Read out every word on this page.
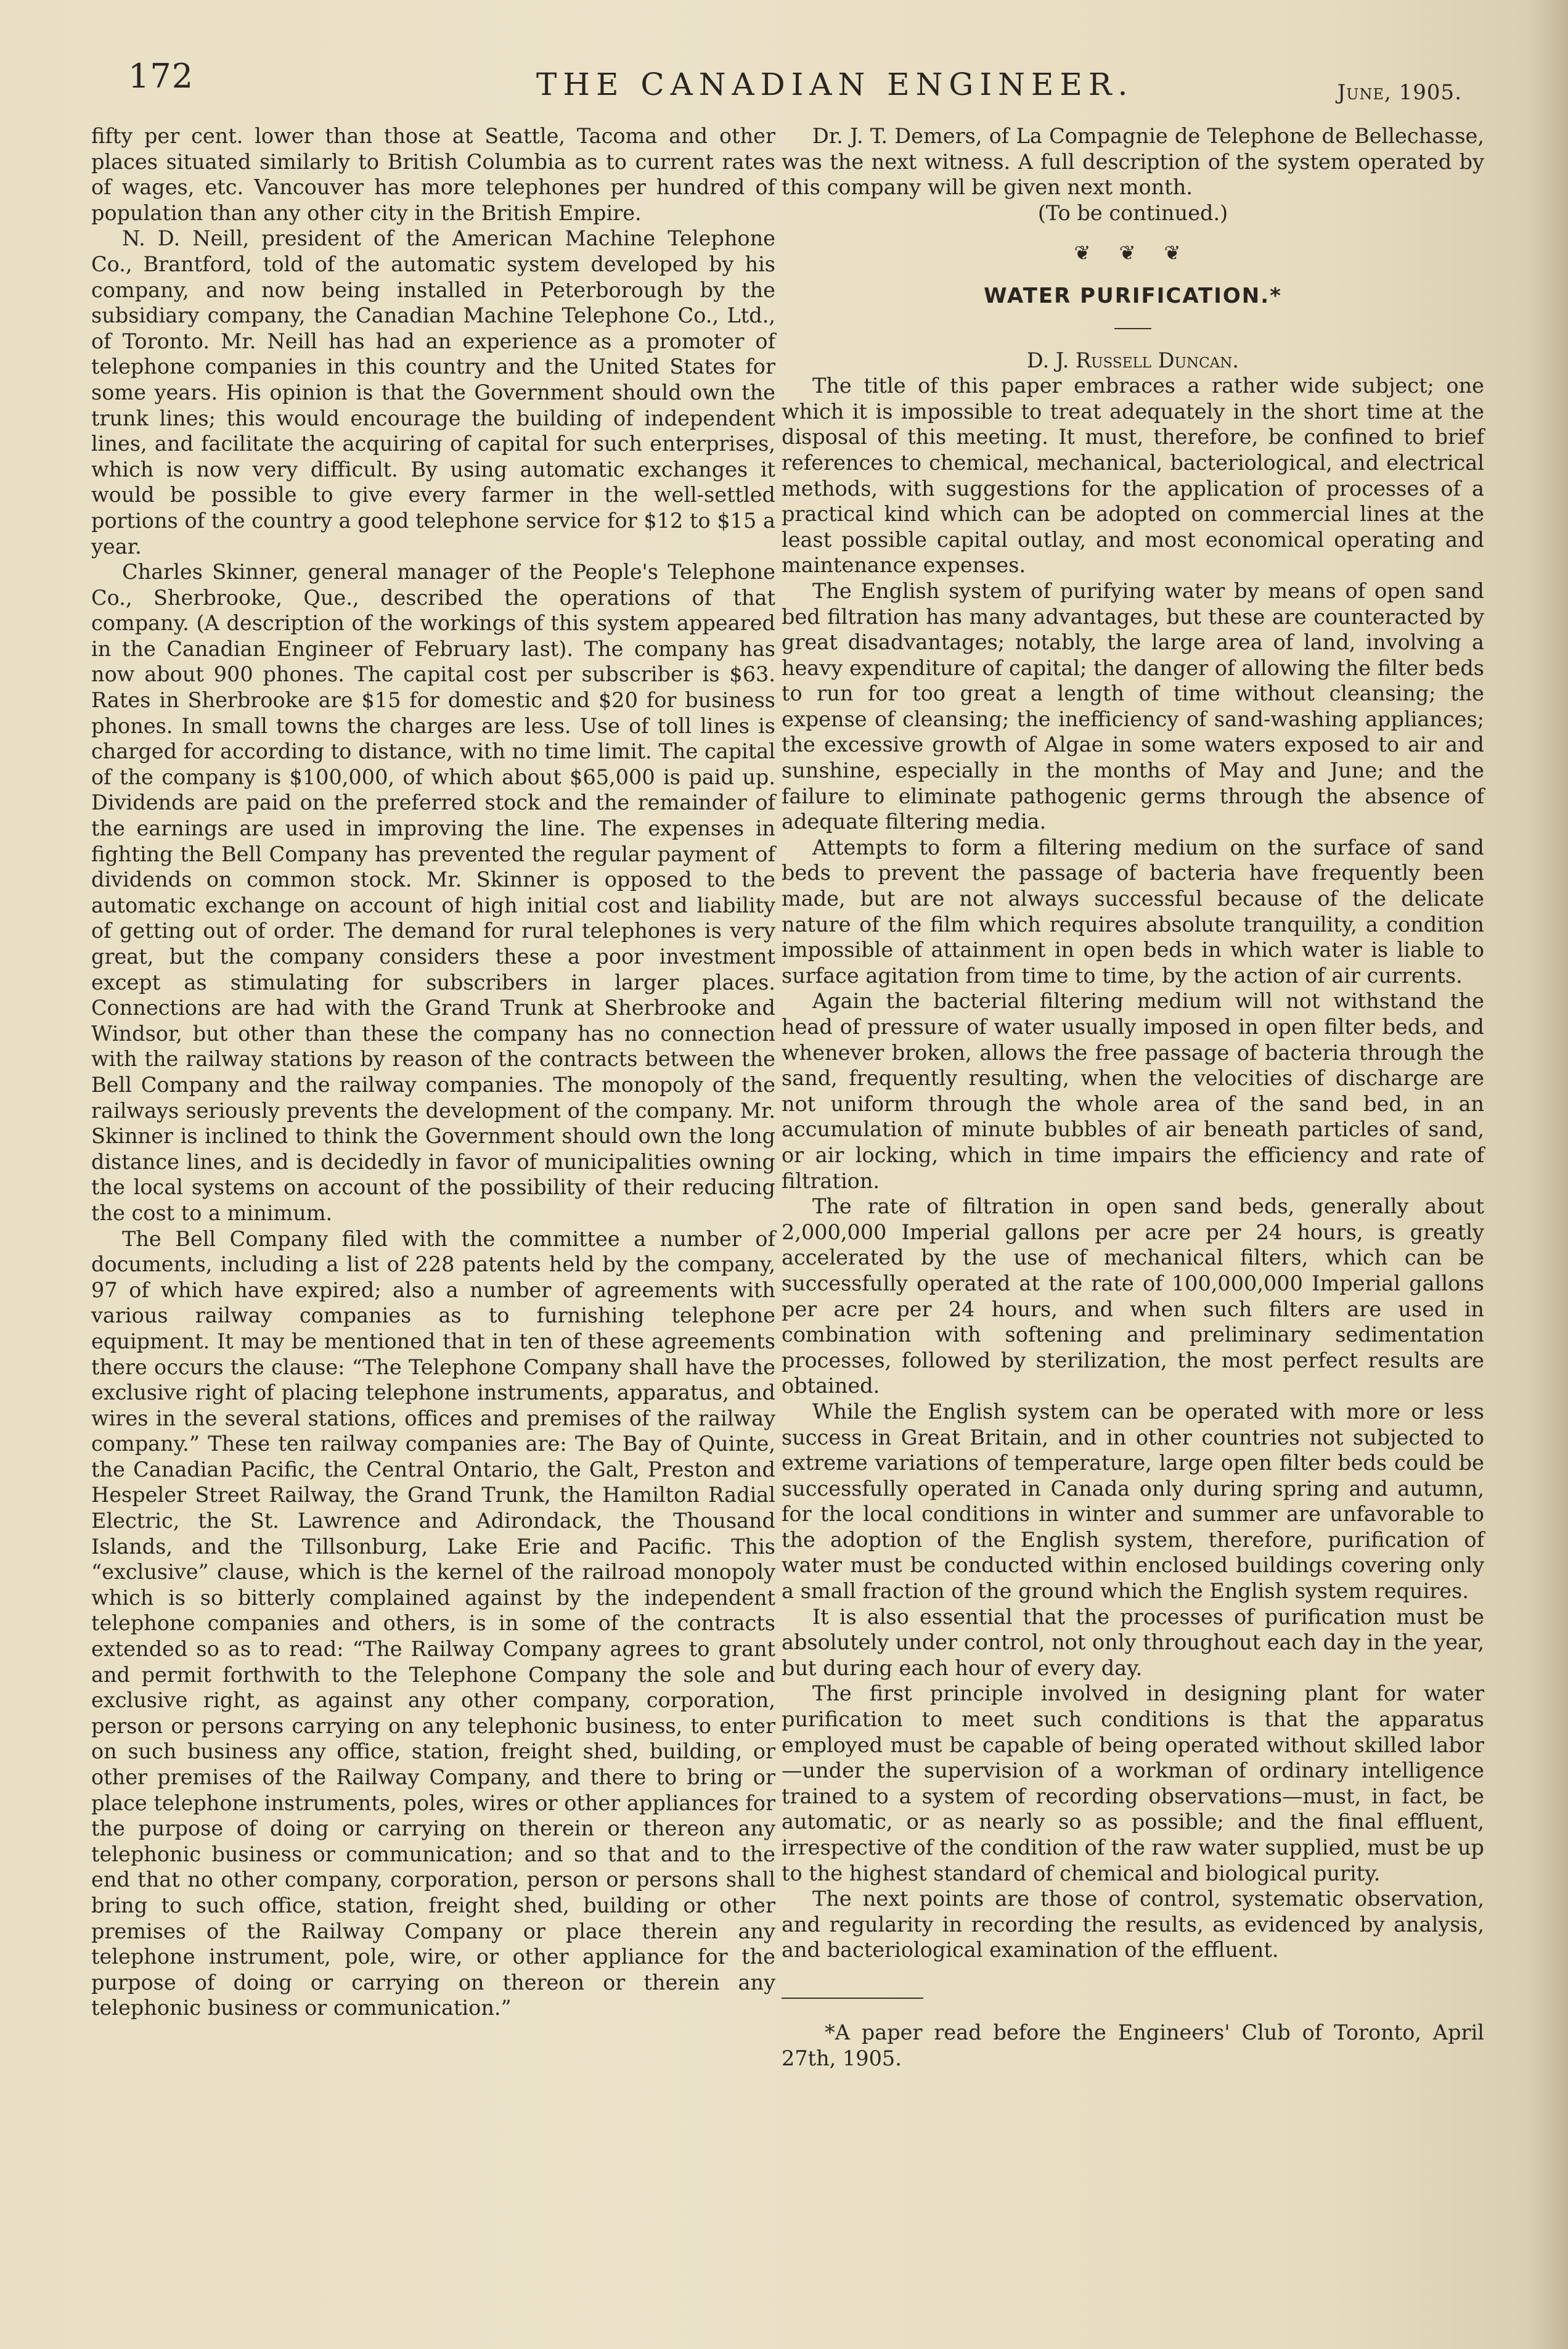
172	THE CANADIAN ENGINEER.	June, 1905.

fifty per cent. lower than those at Seattle, Tacoma and other places situated similarly to British Columbia as to current rates of wages, etc. Vancouver has more telephones per hundred of population than any other city in the British Empire.

N. D. Neill, president of the American Machine Telephone Co., Brantford, told of the automatic system developed by his company, and now being installed in Peterborough by the subsidiary company, the Canadian Machine Telephone Co., Ltd., of Toronto. Mr. Neill has had an experience as a promoter of telephone companies in this country and the United States for some years. His opinion is that the Government should own the trunk lines; this would encourage the building of independent lines, and facilitate the acquiring of capital for such enterprises, which is now very difficult. By using automatic exchanges it would be possible to give every farmer in the well-settled portions of the country a good telephone service for $12 to $15 a year.

Charles Skinner, general manager of the People's Telephone Co., Sherbrooke, Que., described the operations of that company. (A description of the workings of this system appeared in the Canadian Engineer of February last). The company has now about 900 phones. The capital cost per subscriber is $63. Rates in Sherbrooke are $15 for domestic and $20 for business phones. In small towns the charges are less. Use of toll lines is charged for according to distance, with no time limit. The capital of the company is $100,000, of which about $65,000 is paid up. Dividends are paid on the preferred stock and the remainder of the earnings are used in improving the line. The expenses in fighting the Bell Company has prevented the regular payment of dividends on common stock. Mr. Skinner is opposed to the automatic exchange on account of high initial cost and liability of getting out of order. The demand for rural telephones is very great, but the company considers these a poor investment except as stimulating for subscribers in larger places. Connections are had with the Grand Trunk at Sherbrooke and Windsor, but other than these the company has no connection with the railway stations by reason of the contracts between the Bell Company and the railway companies. The monopoly of the railways seriously prevents the development of the company. Mr. Skinner is inclined to think the Government should own the long distance lines, and is decidedly in favor of municipalities owning the local systems on account of the possibility of their reducing the cost to a minimum.

The Bell Company filed with the committee a number of documents, including a list of 228 patents held by the company, 97 of which have expired; also a number of agreements with various railway companies as to furnishing telephone equipment. It may be mentioned that in ten of these agreements there occurs the clause: “The Telephone Company shall have the exclusive right of placing telephone instruments, apparatus, and wires in the several stations, offices and premises of the railway company.” These ten railway companies are: The Bay of Quinte, the Canadian Pacific, the Central Ontario, the Galt, Preston and Hespeler Street Railway, the Grand Trunk, the Hamilton Radial Electric, the St. Lawrence and Adirondack, the Thousand Islands, and the Tillsonburg, Lake Erie and Pacific. This “exclusive” clause, which is the kernel of the railroad monopoly which is so bitterly complained against by the independent telephone companies and others, is in some of the contracts extended so as to read: “The Railway Company agrees to grant and permit forthwith to the Telephone Company the sole and exclusive right, as against any other company, corporation, person or persons carrying on any telephonic business, to enter on such business any office, station, freight shed, building, or other premises of the Railway Company, and there to bring or place telephone instruments, poles, wires or other appliances for the purpose of doing or carrying on therein or thereon any telephonic business or communication; and so that and to the end that no other company, corporation, person or persons shall bring to such office, station, freight shed, building or other premises of the Railway Company or place therein any telephone instrument, pole, wire, or other appliance for the purpose of doing or carrying on thereon or therein any telephonic business or communication.”

Dr. J. T. Demers, of La Compagnie de Telephone de Bellechasse, was the next witness. A full description of the system operated by this company will be given next month.

(To be continued.)

❦ ❦ ❦
WATER PURIFICATION.*

D. J. Russell Duncan.

The title of this paper embraces a rather wide subject; one which it is impossible to treat adequately in the short time at the disposal of this meeting. It must, therefore, be confined to brief references to chemical, mechanical, bacteriological, and electrical methods, with suggestions for the application of processes of a practical kind which can be adopted on commercial lines at the least possible capital outlay, and most economical operating and maintenance expenses.

The English system of purifying water by means of open sand bed filtration has many advantages, but these are counteracted by great disadvantages; notably, the large area of land, involving a heavy expenditure of capital; the danger of allowing the filter beds to run for too great a length of time without cleansing; the expense of cleansing; the inefficiency of sand-washing appliances; the excessive growth of Algae in some waters exposed to air and sunshine, especially in the months of May and June; and the failure to eliminate pathogenic germs through the absence of adequate filtering media.

Attempts to form a filtering medium on the surface of sand beds to prevent the passage of bacteria have frequently been made, but are not always successful because of the delicate nature of the film which requires absolute tranquility, a condition impossible of attainment in open beds in which water is liable to surface agitation from time to time, by the action of air currents.

Again the bacterial filtering medium will not withstand the head of pressure of water usually imposed in open filter beds, and whenever broken, allows the free passage of bacteria through the sand, frequently resulting, when the velocities of discharge are not uniform through the whole area of the sand bed, in an accumulation of minute bubbles of air beneath particles of sand, or air locking, which in time impairs the efficiency and rate of filtration.

The rate of filtration in open sand beds, generally about 2,000,000 Imperial gallons per acre per 24 hours, is greatly accelerated by the use of mechanical filters, which can be successfully operated at the rate of 100,000,000 Imperial gallons per acre per 24 hours, and when such filters are used in combination with softening and preliminary sedimentation processes, followed by sterilization, the most perfect results are obtained.

While the English system can be operated with more or less success in Great Britain, and in other countries not subjected to extreme variations of temperature, large open filter beds could be successfully operated in Canada only during spring and autumn, for the local conditions in winter and summer are unfavorable to the adoption of the English system, therefore, purification of water must be conducted within enclosed buildings covering only a small fraction of the ground which the English system requires.

It is also essential that the processes of purification must be absolutely under control, not only throughout each day in the year, but during each hour of every day.

The first principle involved in designing plant for water purification to meet such conditions is that the apparatus employed must be capable of being operated without skilled labor—under the supervision of a workman of ordinary intelligence trained to a system of recording observations—must, in fact, be automatic, or as nearly so as possible; and the final effluent, irrespective of the condition of the raw water supplied, must be up to the highest standard of chemical and biological purity.

The next points are those of control, systematic observation, and regularity in recording the results, as evidenced by analysis, and bacteriological examination of the effluent.

*A paper read before the Engineers' Club of Toronto, April 27th, 1905.
